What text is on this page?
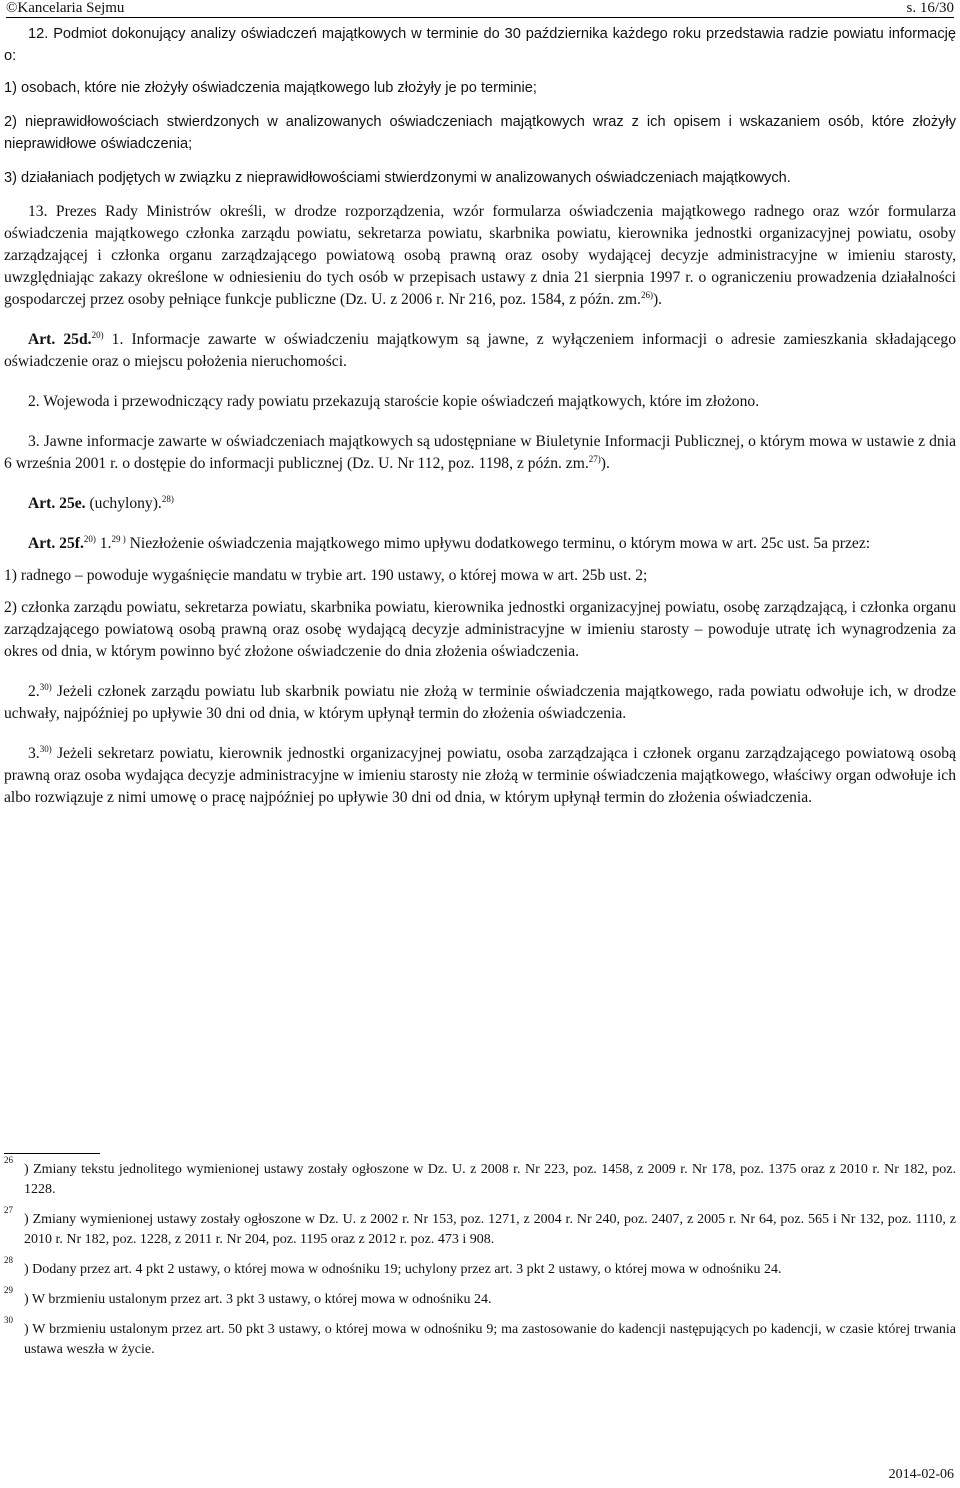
©Kancelaria Sejmu	s. 16/30

12. Podmiot dokonujący analizy oświadczeń majątkowych w terminie do 30 października każdego roku przedstawia radzie powiatu informację o:

1) osobach, które nie złożyły oświadczenia majątkowego lub złożyły je po terminie;

2) nieprawidłowościach stwierdzonych w analizowanych oświadczeniach majątkowych wraz z ich opisem i wskazaniem osób, które złożyły nieprawidłowe oświadczenia;

3) działaniach podjętych w związku z nieprawidłowościami stwierdzonymi w analizowanych oświadczeniach majątkowych.

13. Prezes Rady Ministrów określi, w drodze rozporządzenia, wzór formularza oświadczenia majątkowego radnego oraz wzór formularza oświadczenia majątkowego członka zarządu powiatu, sekretarza powiatu, skarbnika powiatu, kierownika jednostki organizacyjnej powiatu, osoby zarządzającej i członka organu zarządzającego powiatową osobą prawną oraz osoby wydającej decyzje administracyjne w imieniu starosty, uwzględniając zakazy określone w odniesieniu do tych osób w przepisach ustawy z dnia 21 sierpnia 1997 r. o ograniczeniu prowadzenia działalności gospodarczej przez osoby pełniące funkcje publiczne (Dz. U. z 2006 r. Nr 216, poz. 1584, z późn. zm.$^{26)}$).

Art. 25d.$^{20)}$ 1. Informacje zawarte w oświadczeniu majątkowym są jawne, z wyłączeniem informacji o adresie zamieszkania składającego oświadczenie oraz o miejscu położenia nieruchomości.

2. Wojewoda i przewodniczący rady powiatu przekazują staroście kopie oświadczeń majątkowych, które im złożono.

3. Jawne informacje zawarte w oświadczeniach majątkowych są udostępniane w Biuletynie Informacji Publicznej, o którym mowa w ustawie z dnia 6 września 2001 r. o dostępie do informacji publicznej (Dz. U. Nr 112, poz. 1198, z późn. zm.$^{27)}$).

Art. 25e. (uchylony).$^{28)}$

Art. 25f.$^{20)}$ 1.$^{29 )}$ Niezłożenie oświadczenia majątkowego mimo upływu dodatkowego terminu, o którym mowa w art. 25c ust. 5a przez:

1) radnego – powoduje wygaśnięcie mandatu w trybie art. 190 ustawy, o której mowa w art. 25b ust. 2;

2) członka zarządu powiatu, sekretarza powiatu, skarbnika powiatu, kierownika jednostki organizacyjnej powiatu, osobę zarządzającą, i członka organu zarządzającego powiatową osobą prawną oraz osobę wydającą decyzje administracyjne w imieniu starosty – powoduje utratę ich wynagrodzenia za okres od dnia, w którym powinno być złożone oświadczenie do dnia złożenia oświadczenia.

2.$^{30)}$ Jeżeli członek zarządu powiatu lub skarbnik powiatu nie złożą w terminie oświadczenia majątkowego, rada powiatu odwołuje ich, w drodze uchwały, najpóźniej po upływie 30 dni od dnia, w którym upłynął termin do złożenia oświadczenia.

3.$^{30)}$ Jeżeli sekretarz powiatu, kierownik jednostki organizacyjnej powiatu, osoba zarządzająca i członek organu zarządzającego powiatową osobą prawną oraz osoba wydająca decyzje administracyjne w imieniu starosty nie złożą w terminie oświadczenia majątkowego, właściwy organ odwołuje ich albo rozwiązuje z nimi umowę o pracę najpóźniej po upływie 30 dni od dnia, w którym upłynął termin do złożenia oświadczenia.

26
) Zmiany tekstu jednolitego wymienionej ustawy zostały ogłoszone w Dz. U. z 2008 r. Nr 223, poz. 1458, z 2009 r. Nr 178, poz. 1375 oraz z 2010 r. Nr 182, poz. 1228.

27
) Zmiany wymienionej ustawy zostały ogłoszone w Dz. U. z 2002 r. Nr 153, poz. 1271, z 2004 r. Nr 240, poz. 2407, z 2005 r. Nr 64, poz. 565 i Nr 132, poz. 1110, z 2010 r. Nr 182, poz. 1228, z 2011 r. Nr 204, poz. 1195 oraz z 2012 r. poz. 473 i 908.

28
) Dodany przez art. 4 pkt 2 ustawy, o której mowa w odnośniku 19; uchylony przez art. 3 pkt 2 ustawy, o której mowa w odnośniku 24.

29
) W brzmieniu ustalonym przez art. 3 pkt 3 ustawy, o której mowa w odnośniku 24.

30
) W brzmieniu ustalonym przez art. 50 pkt 3 ustawy, o której mowa w odnośniku 9; ma zastosowanie do kadencji następujących po kadencji, w czasie której trwania ustawa weszła w życie.

2014-02-06
